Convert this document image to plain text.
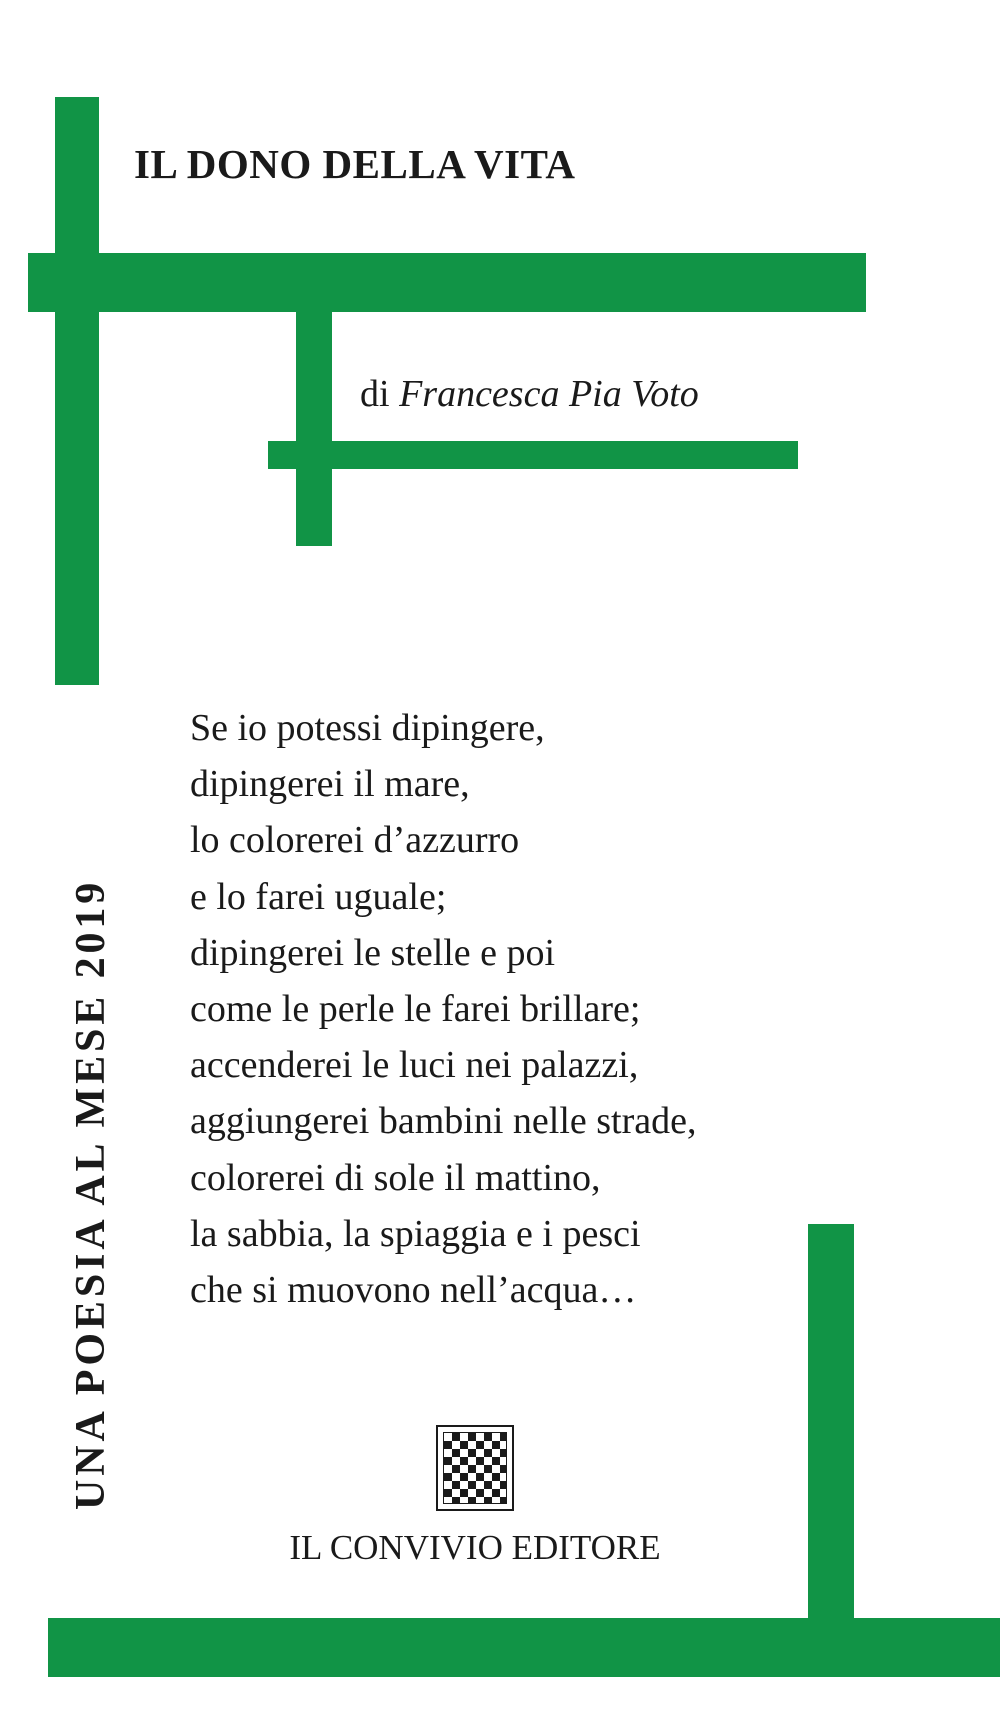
IL DONO DELLA VITA
di Francesca Pia Voto
Se io potessi dipingere,
dipingerei il mare,
lo colorerei d’azzurro
e lo farei uguale;
dipingerei le stelle e poi
come le perle le farei brillare;
accenderei le luci nei palazzi,
aggiungerei bambini nelle strade,
colorerei di sole il mattino,
la sabbia, la spiaggia e i pesci
che si muovono nell’acqua…
UNA POESIA AL MESE 2019
IL CONVIVIO EDITORE
